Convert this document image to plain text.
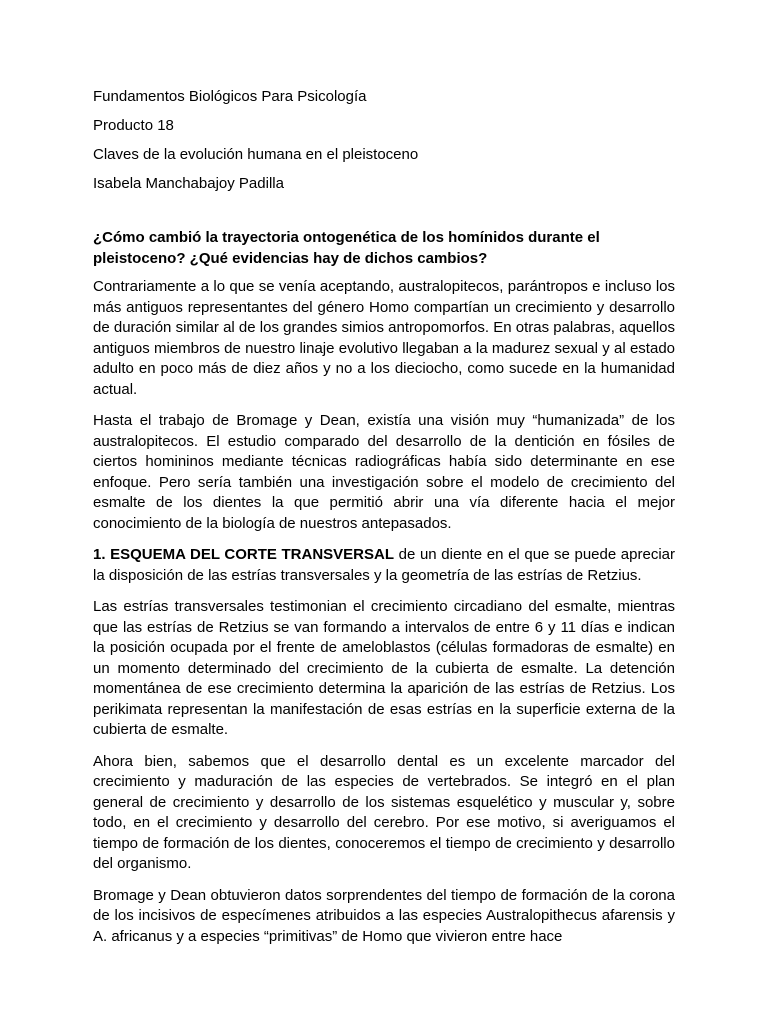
Fundamentos Biológicos Para Psicología

Producto 18

Claves de la evolución humana en el pleistoceno

Isabela Manchabajoy Padilla

¿Cómo cambió la trayectoria ontogenética de los homínidos durante el pleistoceno? ¿Qué evidencias hay de dichos cambios?

Contrariamente a lo que se venía aceptando, australopitecos, parántropos e incluso los más antiguos representantes del género Homo compartían un crecimiento y desarrollo de duración similar al de los grandes simios antropomorfos. En otras palabras, aquellos antiguos miembros de nuestro linaje evolutivo llegaban a la madurez sexual y al estado adulto en poco más de diez años y no a los dieciocho, como sucede en la humanidad actual.

Hasta el trabajo de Bromage y Dean, existía una visión muy “humanizada” de los australopitecos. El estudio comparado del desarrollo de la dentición en fósiles de ciertos homininos mediante técnicas radiográficas había sido determinante en ese enfoque. Pero sería también una investigación sobre el modelo de crecimiento del esmalte de los dientes la que permitió abrir una vía diferente hacia el mejor conocimiento de la biología de nuestros antepasados.

1. ESQUEMA DEL CORTE TRANSVERSAL de un diente en el que se puede apreciar la disposición de las estrías transversales y la geometría de las estrías de Retzius.

Las estrías transversales testimonian el crecimiento circadiano del esmalte, mientras que las estrías de Retzius se van formando a intervalos de entre 6 y 11 días e indican la posición ocupada por el frente de ameloblastos (células formadoras de esmalte) en un momento determinado del crecimiento de la cubierta de esmalte. La detención momentánea de ese crecimiento determina la aparición de las estrías de Retzius. Los perikimata representan la manifestación de esas estrías en la superficie externa de la cubierta de esmalte.

Ahora bien, sabemos que el desarrollo dental es un excelente marcador del crecimiento y maduración de las especies de vertebrados. Se integró en el plan general de crecimiento y desarrollo de los sistemas esquelético y muscular y, sobre todo, en el crecimiento y desarrollo del cerebro. Por ese motivo, si averiguamos el tiempo de formación de los dientes, conoceremos el tiempo de crecimiento y desarrollo del organismo.

Bromage y Dean obtuvieron datos sorprendentes del tiempo de formación de la corona de los incisivos de especímenes atribuidos a las especies Australopithecus afarensis y A. africanus y a especies “primitivas” de Homo que vivieron entre hace
